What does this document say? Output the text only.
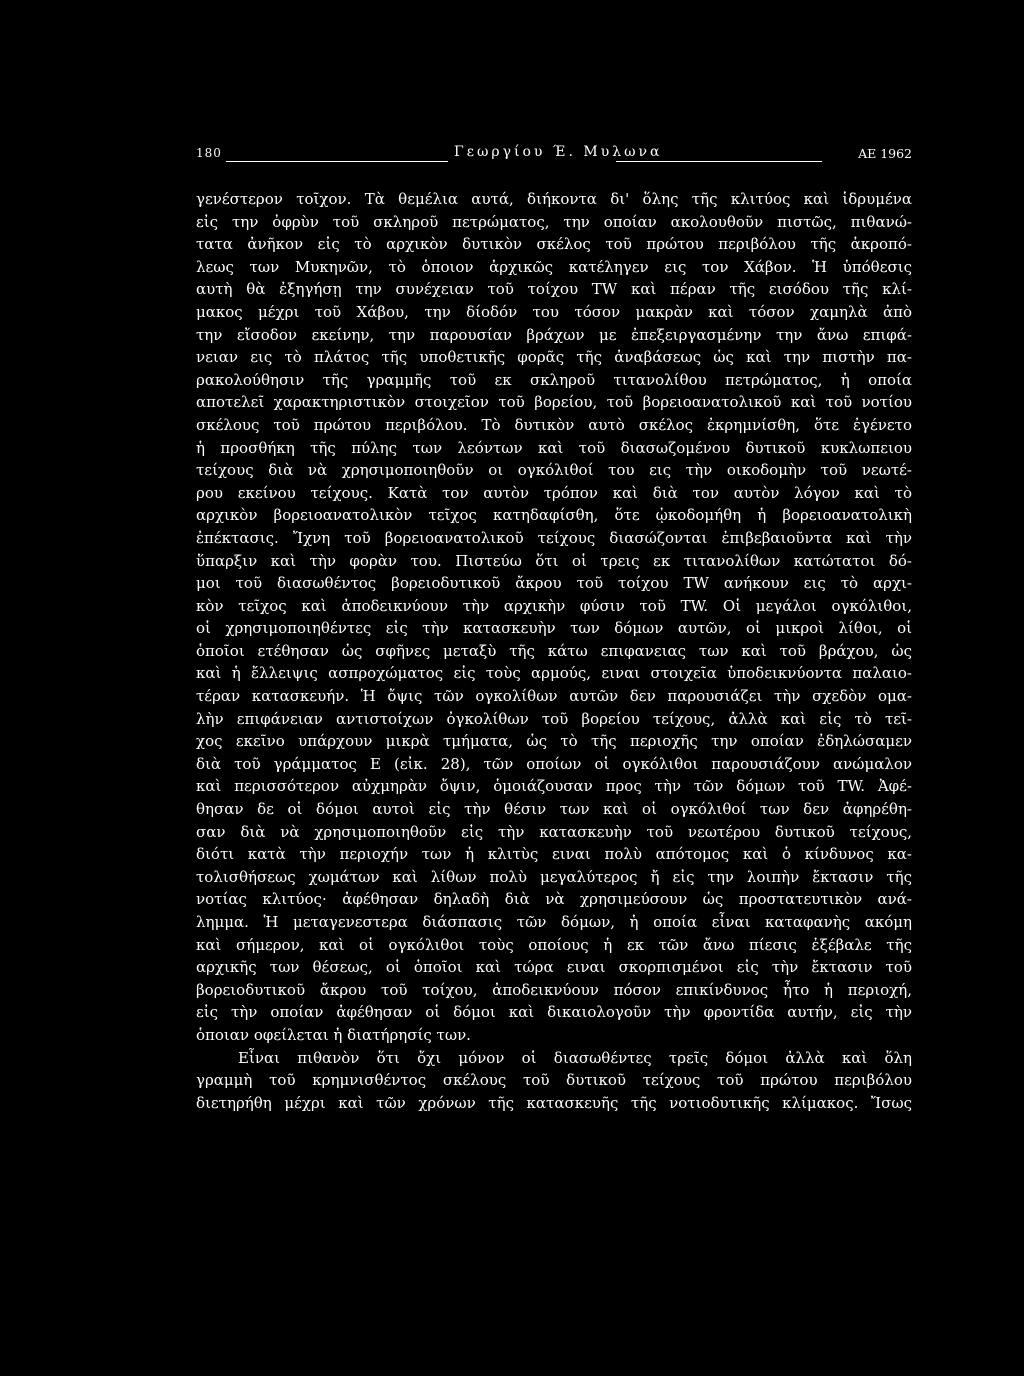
180	Γεωργίου Έ. Μυλωνα	ΑΕ 1962
γενέστερον τοῖχον. Τὰ θεμέλια αυτά, διήκοντα δι' ὅλης τῆς κλιτύος καὶ ἱδρυμένα
εἰς την ὀφρὺν τοῦ σκληροῦ πετρώματος, την οποίαν ακολουθοῦν πιστῶς, πιθανώ-
τατα ἀνῆκον εἰς τὸ αρχικὸν δυτικὸν σκέλος τοῦ πρώτου περιβόλου τῆς ἀκροπό-
λεως των Μυκηνῶν, τὸ ὁποιον ἀρχικῶς κατέληγεν εις τον Χάβον. Ἡ ὑπόθεσις
αυτὴ θὰ ἐξηγήσῃ την συνέχειαν τοῦ τοίχου TW καὶ πέραν τῆς εισόδου τῆς κλί-
μακος μέχρι τοῦ Χάβου, την δίοδόν του τόσον μακρὰν καὶ τόσον χαμηλὰ ἀπὸ
την εἴσοδον εκείνην, την παρουσίαν βράχων με ἐπεξειργασμένην την ἄνω επιφά-
νειαν εις τὸ πλάτος τῆς υποθετικῆς φορᾶς τῆς ἀναβάσεως ὡς καὶ την πιστὴν πα-
ρακολούθησιν τῆς γραμμῆς τοῦ εκ σκληροῦ τιτανολίθου πετρώματος, ἡ οποία
αποτελεῖ χαρακτηριστικὸν στοιχεῖον τοῦ βορείου, τοῦ βορειοανατολικοῦ καὶ τοῦ νοτίου
σκέλους τοῦ πρώτου περιβόλου. Τὸ δυτικὸν αυτὸ σκέλος ἐκρημνίσθη, ὅτε ἐγένετο
ἡ προσθήκη τῆς πύλης των λεόντων καὶ τοῦ διασωζομένου δυτικοῦ κυκλωπειου
τείχους διὰ νὰ χρησιμοποιηθοῦν οι ογκόλιθοί του εις τὴν οικοδομὴν τοῦ νεωτέ-
ρου εκείνου τείχους. Κατὰ τον αυτὸν τρόπον καὶ διὰ τον αυτὸν λόγον καὶ τὸ
αρχικὸν βορειοανατολικὸν τεῖχος κατηδαφίσθη, ὅτε ᾠκοδομήθη ἡ βορειοανατολικὴ
ἐπέκτασις. Ἴχνη τοῦ βορειοανατολικοῦ τείχους διασώζονται ἐπιβεβαιοῦντα καὶ τὴν
ὕπαρξιν καὶ τὴν φορὰν του. Πιστεύω ὅτι οἱ τρεις εκ τιτανολίθων κατώτατοι δό-
μοι τοῦ διασωθέντος βορειοδυτικοῦ ἄκρου τοῦ τοίχου TW ανήκουν εις τὸ αρχι-
κὸν τεῖχος καὶ ἀποδεικνύουν τὴν αρχικὴν φύσιν τοῦ TW. Οἱ μεγάλοι ογκόλιθοι,
οἱ χρησιμοποιηθέντες εἰς τὴν κατασκευὴν των δόμων αυτῶν, οἱ μικροὶ λίθοι, οἱ
ὁποῖοι ετέθησαν ὡς σφῆνες μεταξὺ τῆς κάτω επιφανειας των καὶ τοῦ βράχου, ὡς
καὶ ἡ ἔλλειψις ασπροχώματος εἰς τοὺς αρμούς, ειναι στοιχεῖα ὑποδεικνύοντα παλαιο-
τέραν κατασκευήν. Ἡ ὄψις τῶν ογκολίθων αυτῶν δεν παρουσιάζει τὴν σχεδὸν ομα-
λὴν επιφάνειαν αντιστοίχων ὀγκολίθων τοῦ βορείου τείχους, ἀλλὰ καὶ εἰς τὸ τεῖ-
χος εκεῖνο υπάρχουν μικρὰ τμήματα, ὡς τὸ τῆς περιοχῆς την οποίαν ἐδηλώσαμεν
διὰ τοῦ γράμματος Ε (εἰκ. 28), τῶν οποίων οἱ ογκόλιθοι παρουσιάζουν ανώμαλον
καὶ περισσότερον αὐχμηρὰν ὄψιν, ὁμοιάζουσαν προς τὴν τῶν δόμων τοῦ TW. Ἀφέ-
θησαν δε οἱ δόμοι αυτοὶ εἰς τὴν θέσιν των καὶ οἱ ογκόλιθοί των δεν ἀφηρέθη-
σαν διὰ νὰ χρησιμοποιηθοῦν εἰς τὴν κατασκευὴν τοῦ νεωτέρου δυτικοῦ τείχους,
διότι κατὰ τὴν περιοχήν των ἡ κλιτὺς ειναι πολὺ απότομος καὶ ὁ κίνδυνος κα-
τολισθήσεως χωμάτων καὶ λίθων πολὺ μεγαλύτερος ἤ εἰς την λοιπὴν ἔκτασιν τῆς
νοτίας κλιτύος· ἀφέθησαν δηλαδὴ διὰ νὰ χρησιμεύσουν ὡς προστατευτικὸν ανά-
λημμα. Ἡ μεταγενεστερα διάσπασις τῶν δόμων, ἡ οποία εἶναι καταφανὴς ακόμη
καὶ σήμερον, καὶ οἱ ογκόλιθοι τοὺς οποίους ἡ εκ τῶν ἄνω πίεσις ἐξέβαλε τῆς
αρχικῆς των θέσεως, οἱ ὁποῖοι καὶ τώρα ειναι σκορπισμένοι εἰς τὴν ἔκτασιν τοῦ
βορειοδυτικοῦ ἄκρου τοῦ τοίχου, ἀποδεικνύουν πόσον επικίνδυνος ἦτο ἡ περιοχή,
εἰς τὴν οποίαν ἀφέθησαν οἱ δόμοι καὶ δικαιολογοῦν τὴν φροντίδα αυτήν, εἰς τὴν
ὁποιαν οφείλεται ἡ διατήρησίς των.
Εἶναι πιθανὸν ὅτι ὄχι μόνον οἱ διασωθέντες τρεῖς δόμοι ἀλλὰ καὶ ὅλη
γραμμὴ τοῦ κρημνισθέντος σκέλους τοῦ δυτικοῦ τείχους τοῦ πρώτου περιβόλου
διετηρήθη μέχρι καὶ τῶν χρόνων τῆς κατασκευῆς τῆς νοτιοδυτικῆς κλίμακος. Ἴσως
